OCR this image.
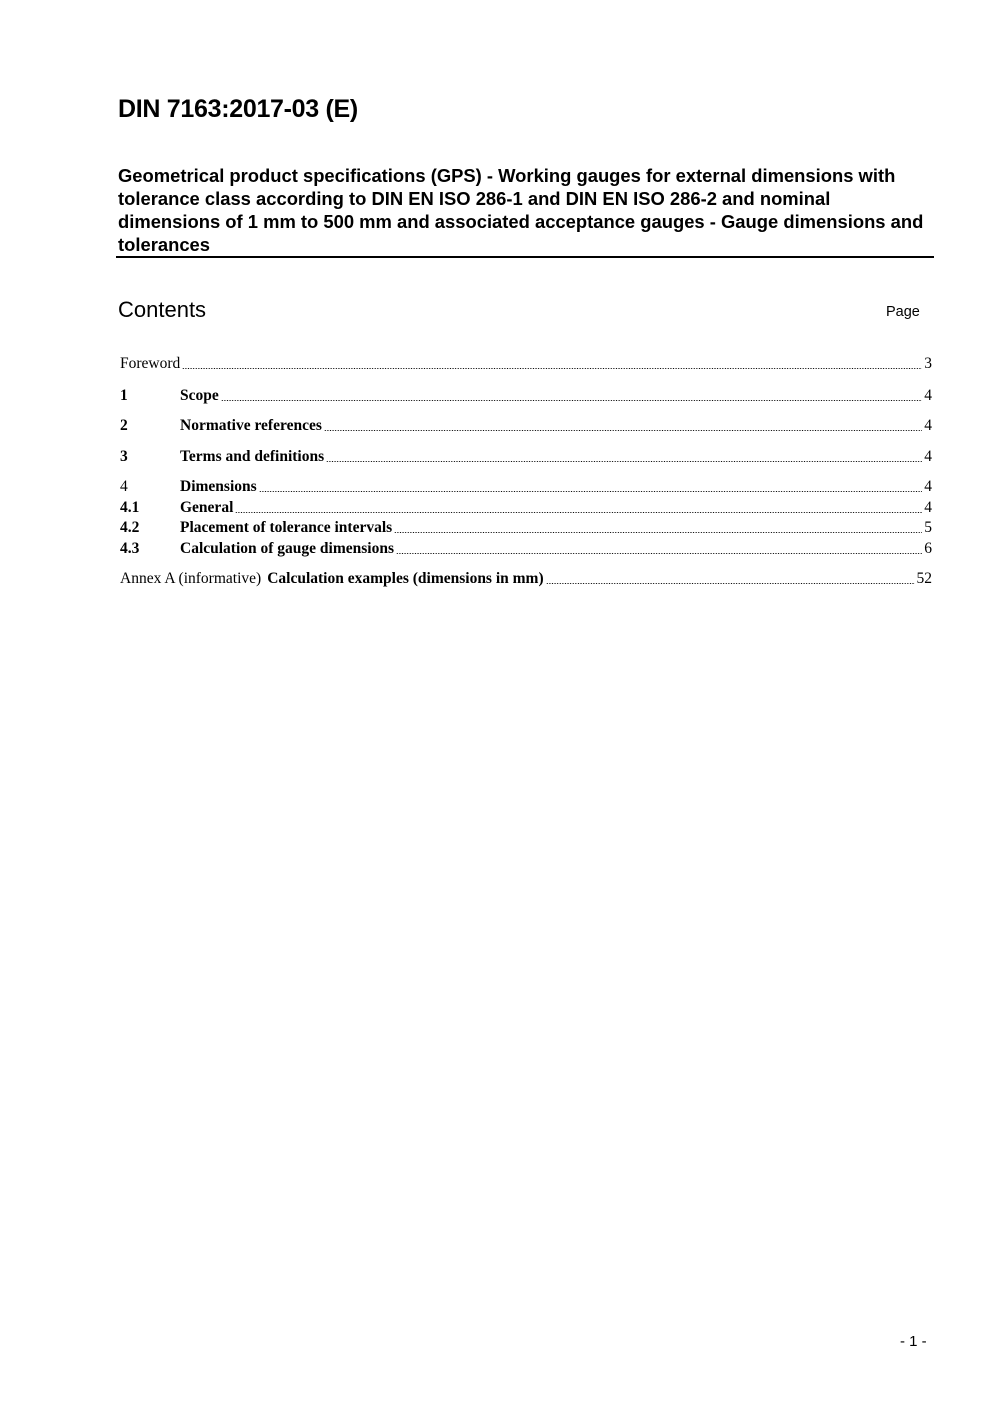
DIN 7163:2017-03 (E)

Geometrical product specifications (GPS) - Working gauges for external dimensions with tolerance class according to DIN EN ISO 286-1 and DIN EN ISO 286-2 and nominal dimensions of 1 mm to 500 mm and associated acceptance gauges - Gauge dimensions and tolerances

Contents	Page
Foreword	3
1	Scope	4
2	Normative references	4
3	Terms and definitions	4
4	Dimensions	4
4.1	General	4
4.2	Placement of tolerance intervals	5
4.3	Calculation of gauge dimensions	6
Annex A (informative) Calculation examples (dimensions in mm)	52
- 1 -
